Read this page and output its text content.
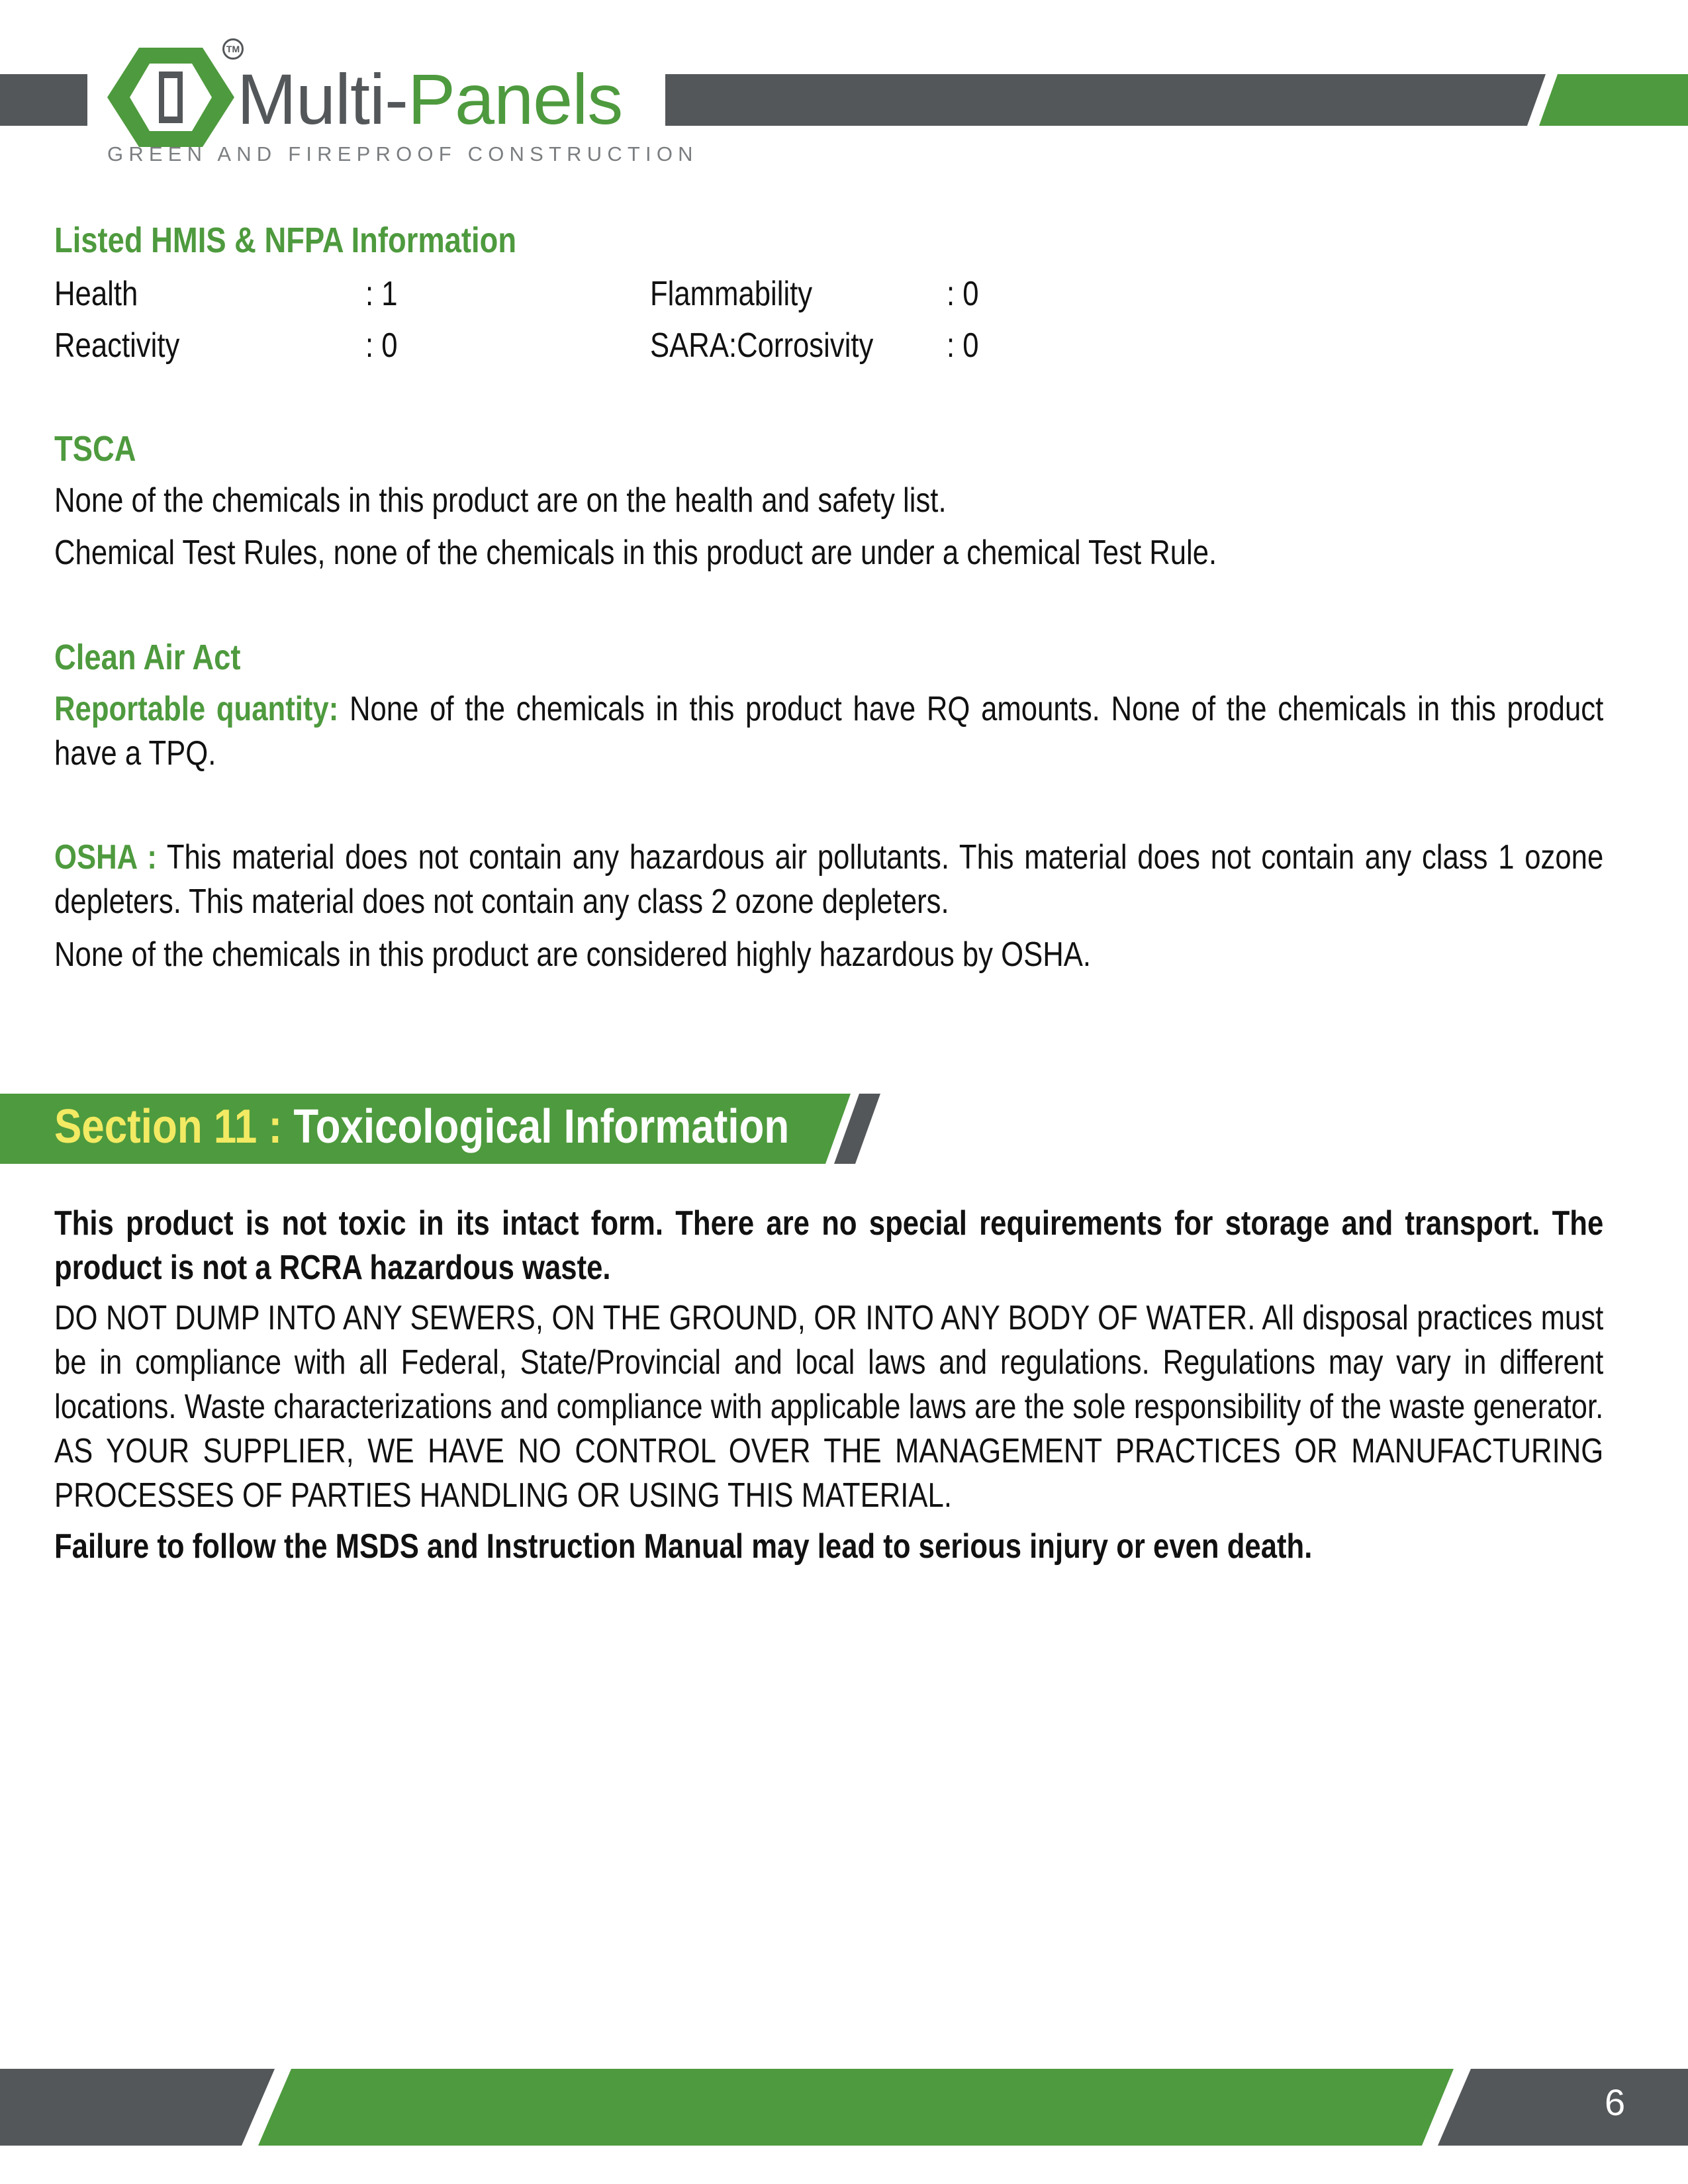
TM
Multi-Panels
GREEN AND FIREPROOF CONSTRUCTION
Listed HMIS & NFPA Information
Health	: 1	Flammability	: 0
Reactivity	: 0	SARA:Corrosivity : 0
TSCA
None of the chemicals in this product are on the health and safety list.
Chemical Test Rules, none of the chemicals in this product are under a chemical Test Rule.
Clean Air Act
Reportable quantity: None of the chemicals in this product have RQ amounts. None of the chemicals in this product have a TPQ.
OSHA : This material does not contain any hazardous air pollutants. This material does not contain any class 1 ozone depleters. This material does not contain any class 2 ozone depleters.
None of the chemicals in this product are considered highly hazardous by OSHA.
Section 11 : Toxicological Information
This product is not toxic in its intact form. There are no special requirements for storage and transport. The product is not a RCRA hazardous waste.
DO NOT DUMP INTO ANY SEWERS, ON THE GROUND, OR INTO ANY BODY OF WATER. All disposal practices must be in compliance with all Federal, State/Provincial and local laws and regulations. Regulations may vary in different locations. Waste characterizations and compliance with applicable laws are the sole responsibility of the waste generator. AS YOUR SUPPLIER, WE HAVE NO CONTROL OVER THE MANAGEMENT PRACTICES OR MANUFACTURING PROCESSES OF PARTIES HANDLING OR USING THIS MATERIAL.
Failure to follow the MSDS and Instruction Manual may lead to serious injury or even death.
6
